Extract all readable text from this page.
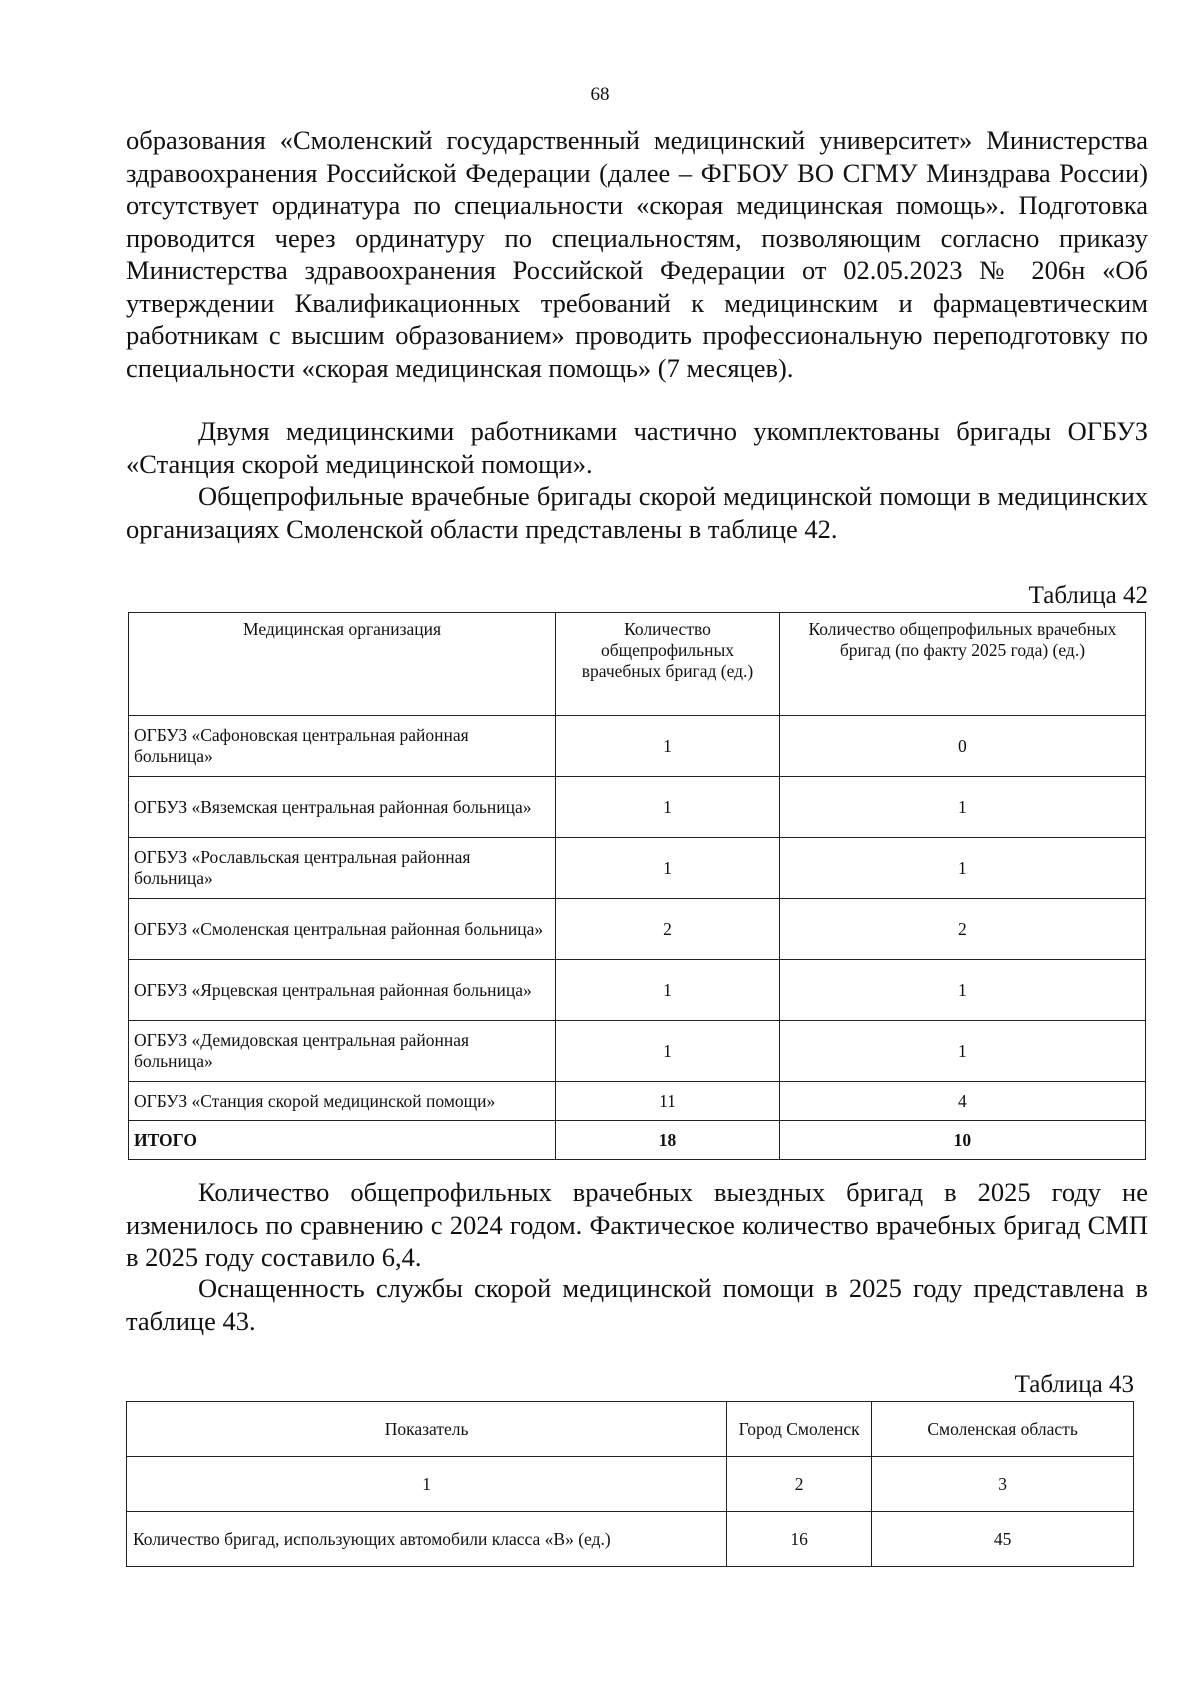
68

образования «Смоленский государственный медицинский университет» Министерства здравоохранения Российской Федерации (далее – ФГБОУ ВО СГМУ Минздрава России) отсутствует ординатура по специальности «скорая медицинская помощь». Подготовка проводится через ординатуру по специальностям, позволяющим согласно приказу Министерства здравоохранения Российской Федерации от 02.05.2023 № 206н «Об утверждении Квалификационных требований к медицинским и фармацевтическим работникам с высшим образованием» проводить профессиональную переподготовку по специальности «скорая медицинская помощь» (7 месяцев).

Двумя медицинскими работниками частично укомплектованы бригады ОГБУЗ «Станция скорой медицинской помощи».

Общепрофильные врачебные бригады скорой медицинской помощи в медицинских организациях Смоленской области представлены в таблице 42.

Таблица 42
Медицинская организация	Количество общепрофильных врачебных бригад (ед.)	Количество общепрофильных врачебных бригад (по факту 2025 года) (ед.)
ОГБУЗ «Сафоновская центральная районная больница»	1	0
ОГБУЗ «Вяземская центральная районная больница»	1	1
ОГБУЗ «Рославльская центральная районная больница»	1	1
ОГБУЗ «Смоленская центральная районная больница»	2	2
ОГБУЗ «Ярцевская центральная районная больница»	1	1
ОГБУЗ «Демидовская центральная районная больница»	1	1
ОГБУЗ «Станция скорой медицинской помощи»	11	4
ИТОГО	18	10

Количество общепрофильных врачебных выездных бригад в 2025 году не изменилось по сравнению с 2024 годом. Фактическое количество врачебных бригад СМП в 2025 году составило 6,4.

Оснащенность службы скорой медицинской помощи в 2025 году представлена в таблице 43.

Таблица 43
Показатель	Город Смоленск	Смоленская область
1	2	3
Количество бригад, использующих автомобили класса «В» (ед.)	16	45
